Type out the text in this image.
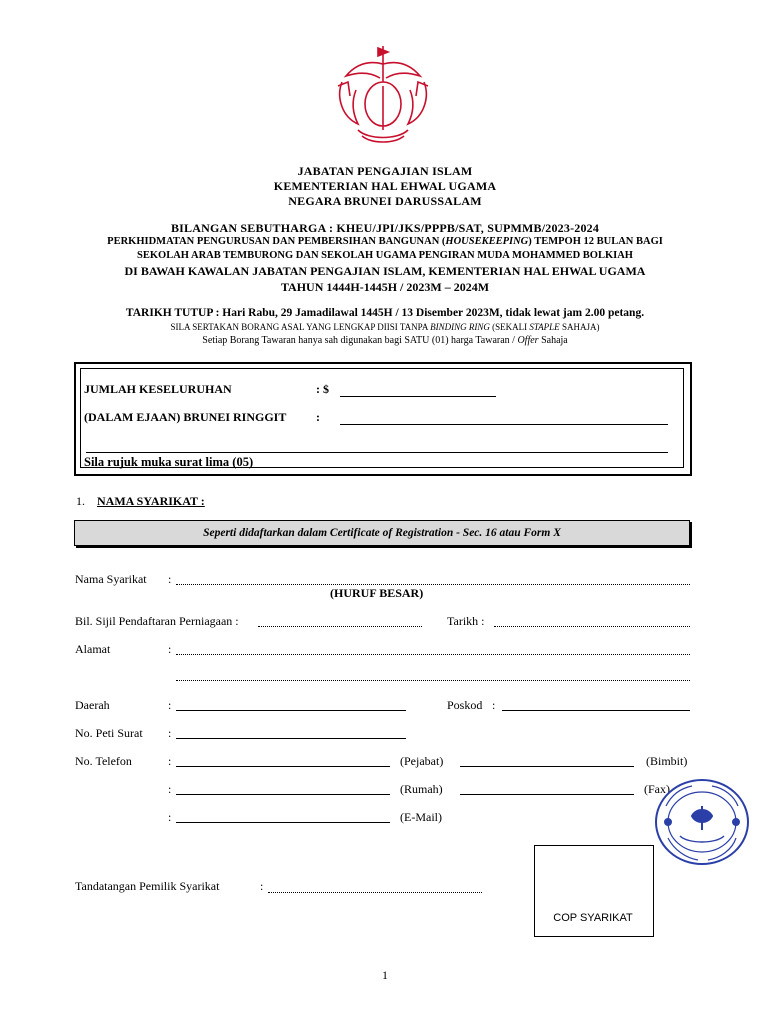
JABATAN PENGAJIAN ISLAM
KEMENTERIAN HAL EHWAL UGAMA
NEGARA BRUNEI DARUSSALAM
BILANGAN SEBUTHARGA : KHEU/JPI/JKS/PPPB/SAT, SUPMMB/2023-2024
PERKHIDMATAN PENGURUSAN DAN PEMBERSIHAN BANGUNAN (HOUSEKEEPING) TEMPOH 12 BULAN BAGI
SEKOLAH ARAB TEMBURONG DAN SEKOLAH UGAMA PENGIRAN MUDA MOHAMMED BOLKIAH
DI BAWAH KAWALAN JABATAN PENGAJIAN ISLAM, KEMENTERIAN HAL EHWAL UGAMA
TAHUN 1444H-1445H / 2023M – 2024M
TARIKH TUTUP : Hari Rabu, 29 Jamadilawal 1445H / 13 Disember 2023M, tidak lewat jam 2.00 petang.
SILA SERTAKAN BORANG ASAL YANG LENGKAP DIISI TANPA BINDING RING (SEKALI STAPLE SAHAJA)
Setiap Borang Tawaran hanya sah digunakan bagi SATU (01) harga Tawaran / Offer Sahaja
JUMLAH KESELURUHAN	: $
(DALAM EJAAN) BRUNEI RINGGIT :
Sila rujuk muka surat lima (05)
1. NAMA SYARIKAT :
Seperti didaftarkan dalam Certificate of Registration - Sec. 16 atau Form X
Nama Syarikat :
(HURUF BESAR)
Bil. Sijil Pendaftaran Perniagaan :	Tarikh :
Alamat	:
Daerah	:	Poskod :
No. Peti Surat :
No. Telefon	:	(Pejabat)	(Bimbit)
:	(Rumah)	(Fax)
:	(E-Mail)
COP SYARIKAT
Tandatangan Pemilik Syarikat	:
1
